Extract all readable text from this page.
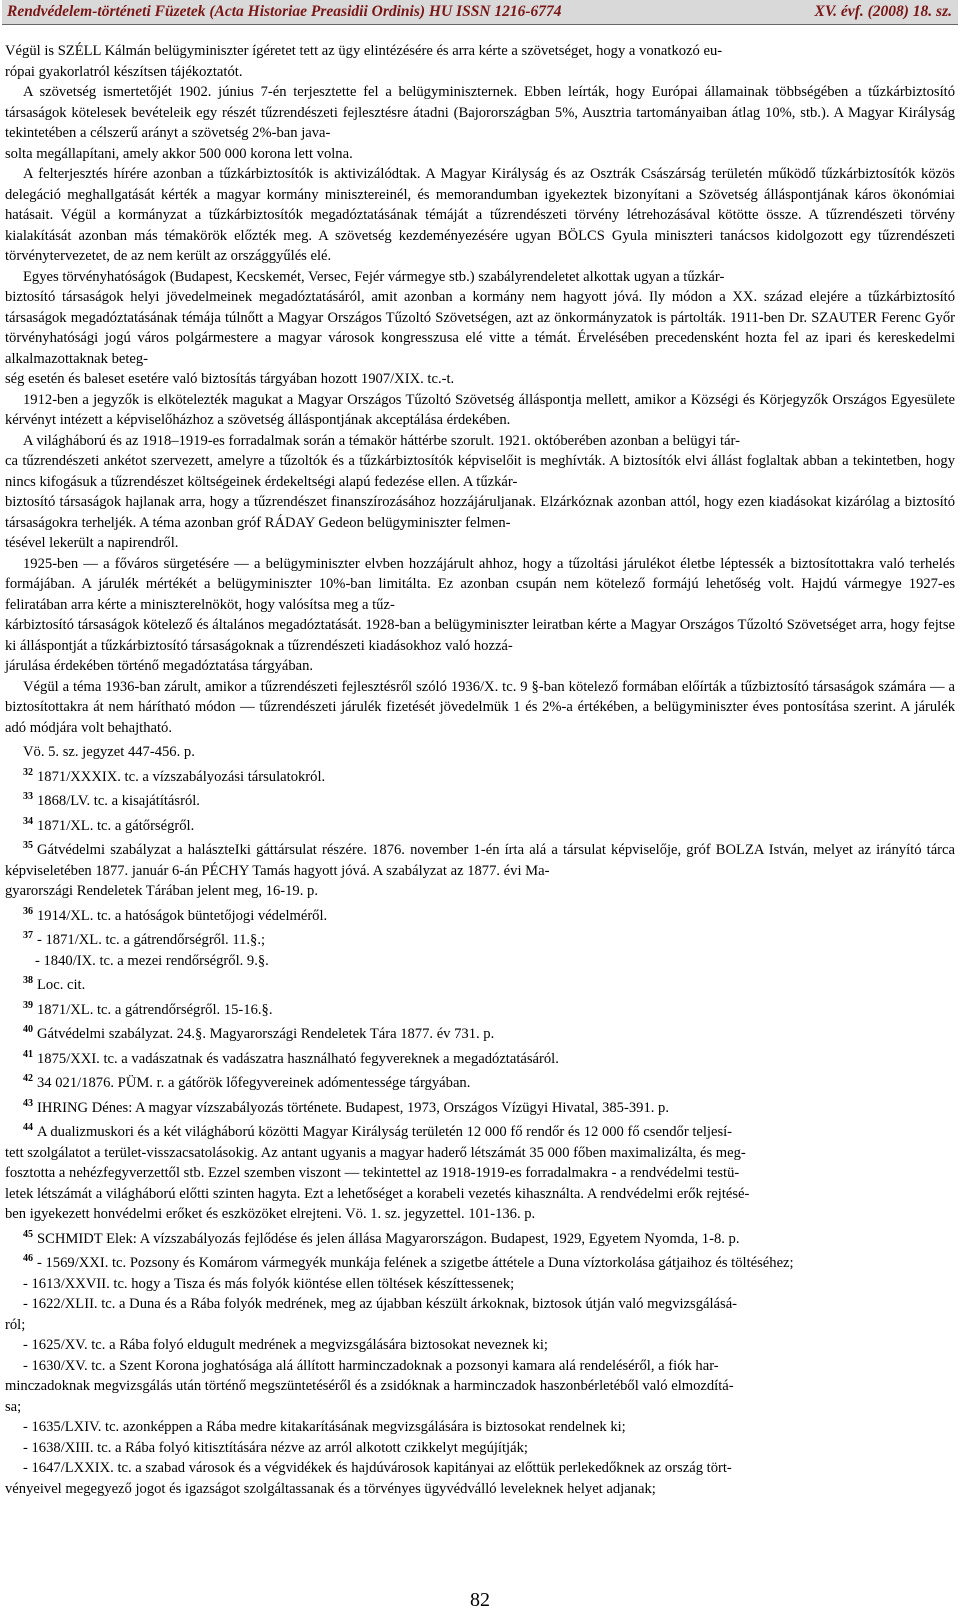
Rendvédelem-történeti Füzetek (Acta Historiae Preasidii Ordinis) HU ISSN 1216-6774	XV. évf. (2008) 18. sz.

Végül is SZÉLL Kálmán belügyminiszter ígéretet tett az ügy elintézésére és arra kérte a szövetséget, hogy a vonatkozó eu-
rópai gyakorlatról készítsen tájékoztatót.

A szövetség ismertetőjét 1902. június 7-én terjesztette fel a belügyminiszternek. Ebben leírták, hogy Európai államainak többségében a tűzkárbiztosító társaságok kötelesek bevételeik egy részét tűzrendészeti fejlesztésre átadni (Bajorországban 5%, Ausztria tartományaiban átlag 10%, stb.). A Magyar Királyság tekintetében a célszerű arányt a szövetség 2%-ban java-
solta megállapítani, amely akkor 500 000 korona lett volna.

A felterjesztés hírére azonban a tűzkárbiztosítók is aktivizálódtak. A Magyar Királyság és az Osztrák Császárság területén működő tűzkárbiztosítók közös delegáció meghallgatását kérték a magyar kormány minisztereinél, és memorandumban igyekeztek bizonyítani a Szövetség álláspontjának káros ökonómiai hatásait. Végül a kormányzat a tűzkárbiztosítók megadóztatásának témáját a tűzrendészeti törvény létrehozásával kötötte össze. A tűzrendészeti törvény kialakítását azonban más témakörök előzték meg. A szövetség kezdeményezésére ugyan BÖLCS Gyula miniszteri tanácsos kidolgozott egy tűzrendészeti törvénytervezetet, de az nem került az országgyűlés elé.

Egyes törvényhatóságok (Budapest, Kecskemét, Versec, Fejér vármegye stb.) szabályrendeletet alkottak ugyan a tűzkár-
biztosító társaságok helyi jövedelmeinek megadóztatásáról, amit azonban a kormány nem hagyott jóvá. Ily módon a XX. század elejére a tűzkárbiztosító társaságok megadóztatásának témája túlnőtt a Magyar Országos Tűzoltó Szövetségen, azt az önkormányzatok is pártolták. 1911-ben Dr. SZAUTER Ferenc Győr törvényhatósági jogú város polgármestere a magyar városok kongresszusa elé vitte a témát. Érvelésében precedensként hozta fel az ipari és kereskedelmi alkalmazottaknak beteg-
ség esetén és baleset esetére való biztosítás tárgyában hozott 1907/XIX. tc.-t.

1912-ben a jegyzők is elkötelezték magukat a Magyar Országos Tűzoltó Szövetség álláspontja mellett, amikor a Községi és Körjegyzők Országos Egyesülete kérvényt intézett a képviselőházhoz a szövetség álláspontjának akceptálása érdekében.

A világháború és az 1918–1919-es forradalmak során a témakör háttérbe szorult. 1921. októberében azonban a belügyi tár-
ca tűzrendészeti ankétot szervezett, amelyre a tűzoltók és a tűzkárbiztosítók képviselőit is meghívták. A biztosítók elvi állást foglaltak abban a tekintetben, hogy nincs kifogásuk a tűzrendészet költségeinek érdekeltségi alapú fedezése ellen. A tűzkár-
biztosító társaságok hajlanak arra, hogy a tűzrendészet finanszírozásához hozzájáruljanak. Elzárkóznak azonban attól, hogy ezen kiadásokat kizárólag a biztosító társaságokra terheljék. A téma azonban gróf RÁDAY Gedeon belügyminiszter felmen-
tésével lekerült a napirendről.

1925-ben — a főváros sürgetésére — a belügyminiszter elvben hozzájárult ahhoz, hogy a tűzoltási járulékot életbe léptessék a biztosítottakra való terhelés formájában. A járulék mértékét a belügyminiszter 10%-ban limitálta. Ez azonban csupán nem kötelező formájú lehetőség volt. Hajdú vármegye 1927-es feliratában arra kérte a miniszterelnököt, hogy valósítsa meg a tűz-
kárbiztosító társaságok kötelező és általános megadóztatását. 1928-ban a belügyminiszter leiratban kérte a Magyar Országos Tűzoltó Szövetséget arra, hogy fejtse ki álláspontját a tűzkárbiztosító társaságoknak a tűzrendészeti kiadásokhoz való hozzá-
járulása érdekében történő megadóztatása tárgyában.

Végül a téma 1936-ban zárult, amikor a tűzrendészeti fejlesztésről szóló 1936/X. tc. 9 §-ban kötelező formában előírták a tűzbiztosító társaságok számára — a biztosítottakra át nem hárítható módon — tűzrendészeti járulék fizetését jövedelmük 1 és 2%-a értékében, a belügyminiszter éves pontosítása szerint. A járulék adó módjára volt behajtható.

Vö. 5. sz. jegyzet 447-456. p.

$^{32}$ 1871/XXXIX. tc. a vízszabályozási társulatokról.

$^{33}$ 1868/LV. tc. a kisajátításról.

$^{34}$ 1871/XL. tc. a gátőrségről.

$^{35}$ Gátvédelmi szabályzat a halászteIki gáttársulat részére. 1876. november 1-én írta alá a társulat képviselője, gróf BOLZA István, melyet az irányító tárca képviseletében 1877. január 6-án PÉCHY Tamás hagyott jóvá. A szabályzat az 1877. évi Ma-
gyarországi Rendeletek Tárában jelent meg, 16-19. p.

$^{36}$ 1914/XL. tc. a hatóságok büntetőjogi védelméről.

$^{37}$ - 1871/XL. tc. a gátrendőrségről. 11.§.;

- 1840/IX. tc. a mezei rendőrségről. 9.§.

$^{38}$ Loc. cit.

$^{39}$ 1871/XL. tc. a gátrendőrségről. 15-16.§.

$^{40}$ Gátvédelmi szabályzat. 24.§. Magyarországi Rendeletek Tára 1877. év 731. p.

$^{41}$ 1875/XXI. tc. a vadászatnak és vadászatra használható fegyvereknek a megadóztatásáról.

$^{42}$ 34 021/1876. PÜM. r. a gátőrök lőfegyvereinek adómentessége tárgyában.

$^{43}$ IHRING Dénes: A magyar vízszabályozás története. Budapest, 1973, Országos Vízügyi Hivatal, 385-391. p.

$^{44}$ A dualizmuskori és a két világháború közötti Magyar Királyság területén 12 000 fő rendőr és 12 000 fő csendőr teljesí-
tett szolgálatot a terület-visszacsatolásokig. Az antant ugyanis a magyar haderő létszámát 35 000 főben maximalizálta, és meg-
fosztotta a nehézfegyverzettől stb. Ezzel szemben viszont — tekintettel az 1918-1919-es forradalmakra - a rendvédelmi testü-
letek létszámát a világháború előtti szinten hagyta. Ezt a lehetőséget a korabeli vezetés kihasználta. A rendvédelmi erők rejtésé-
ben igyekezett honvédelmi erőket és eszközöket elrejteni. Vö. 1. sz. jegyzettel. 101-136. p.

$^{45}$ SCHMIDT Elek: A vízszabályozás fejlődése és jelen állása Magyarországon. Budapest, 1929, Egyetem Nyomda, 1-8. p.

$^{46}$ - 1569/XXI. tc. Pozsony és Komárom vármegyék munkája felének a szigetbe áttétele a Duna víztorkolása gátjaihoz és töltéséhez;

- 1613/XXVII. tc. hogy a Tisza és más folyók kiöntése ellen töltések készíttessenek;

- 1622/XLII. tc. a Duna és a Rába folyók medrének, meg az újabban készült árkoknak, biztosok útján való megvizsgálásá-
ról;

- 1625/XV. tc. a Rába folyó eldugult medrének a megvizsgálására biztosokat neveznek ki;

- 1630/XV. tc. a Szent Korona joghatósága alá állított harminczadoknak a pozsonyi kamara alá rendeléséről, a fiók har-
minczadoknak megvizsgálás után történő megszüntetéséről és a zsidóknak a harminczadok haszonbérletéből való elmozdítá-
sa;

- 1635/LXIV. tc. azonképpen a Rába medre kitakarításának megvizsgálására is biztosokat rendelnek ki;

- 1638/XIII. tc. a Rába folyó kitisztítására nézve az arról alkotott czikkelyt megújítják;

- 1647/LXXIX. tc. a szabad városok és a végvidékek és hajdúvárosok kapitányai az előttük perlekedőknek az ország tört-
vényeivel megegyező jogot és igazságot szolgáltassanak és a törvényes ügyvédválló leveleknek helyet adjanak;

82
